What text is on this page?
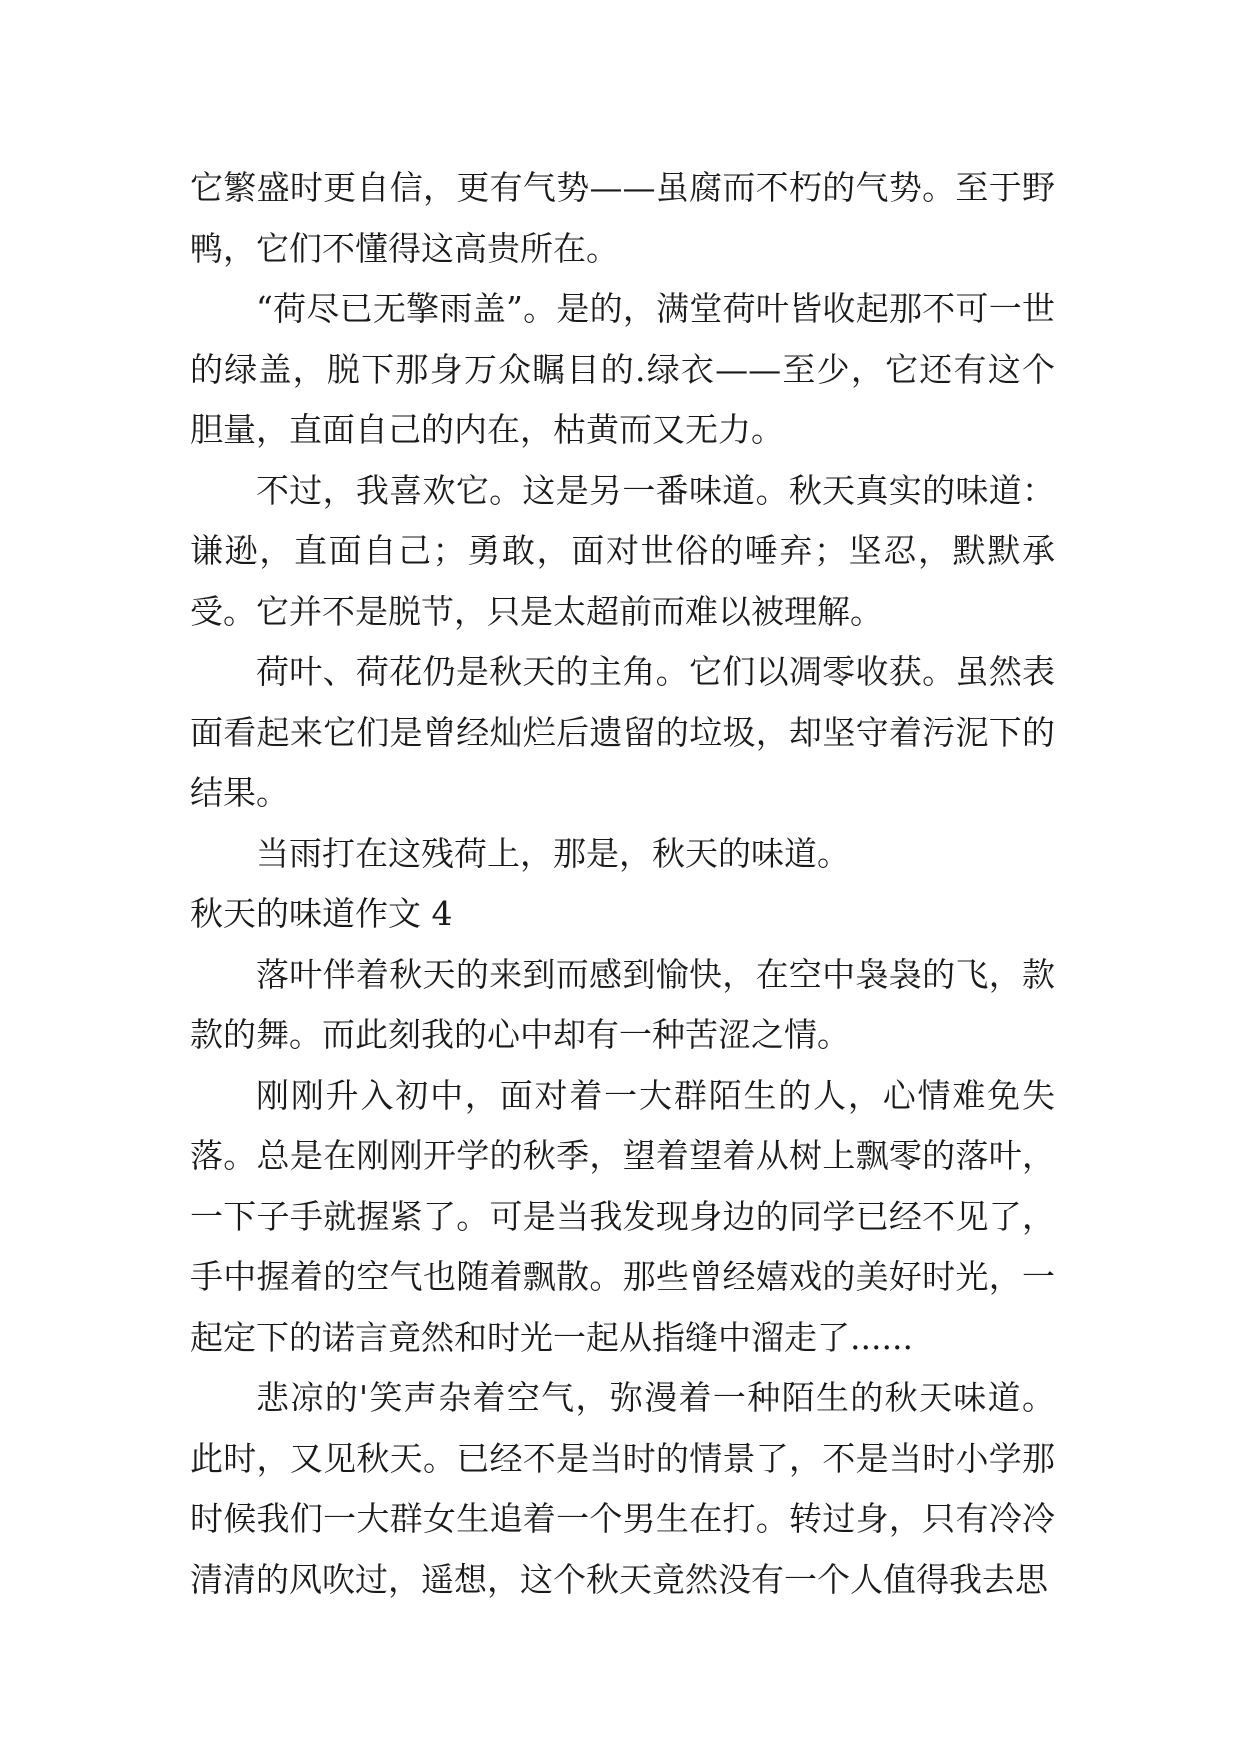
它繁盛时更自信，更有气势——虽腐而不朽的气势。至于野鸭，它们不懂得这高贵所在。

“荷尽已无擎雨盖”。是的，满堂荷叶皆收起那不可一世的绿盖，脱下那身万众瞩目的.绿衣——至少，它还有这个胆量，直面自己的内在，枯黄而又无力。

不过，我喜欢它。这是另一番味道。秋天真实的味道：谦逊，直面自己；勇敢，面对世俗的唾弃；坚忍，默默承受。它并不是脱节，只是太超前而难以被理解。

荷叶、荷花仍是秋天的主角。它们以凋零收获。虽然表面看起来它们是曾经灿烂后遗留的垃圾，却坚守着污泥下的结果。

当雨打在这残荷上，那是，秋天的味道。

秋天的味道作文 4

落叶伴着秋天的来到而感到愉快，在空中袅袅的飞，款款的舞。而此刻我的心中却有一种苦涩之情。

刚刚升入初中，面对着一大群陌生的人，心情难免失落。总是在刚刚开学的秋季，望着望着从树上飘零的落叶，一下子手就握紧了。可是当我发现身边的同学已经不见了，手中握着的空气也随着飘散。那些曾经嬉戏的美好时光，一起定下的诺言竟然和时光一起从指缝中溜走了......

悲凉的'笑声杂着空气，弥漫着一种陌生的秋天味道。此时，又见秋天。已经不是当时的情景了，不是当时小学那时候我们一大群女生追着一个男生在打。转过身，只有冷冷清清的风吹过，遥想，这个秋天竟然没有一个人值得我去思
